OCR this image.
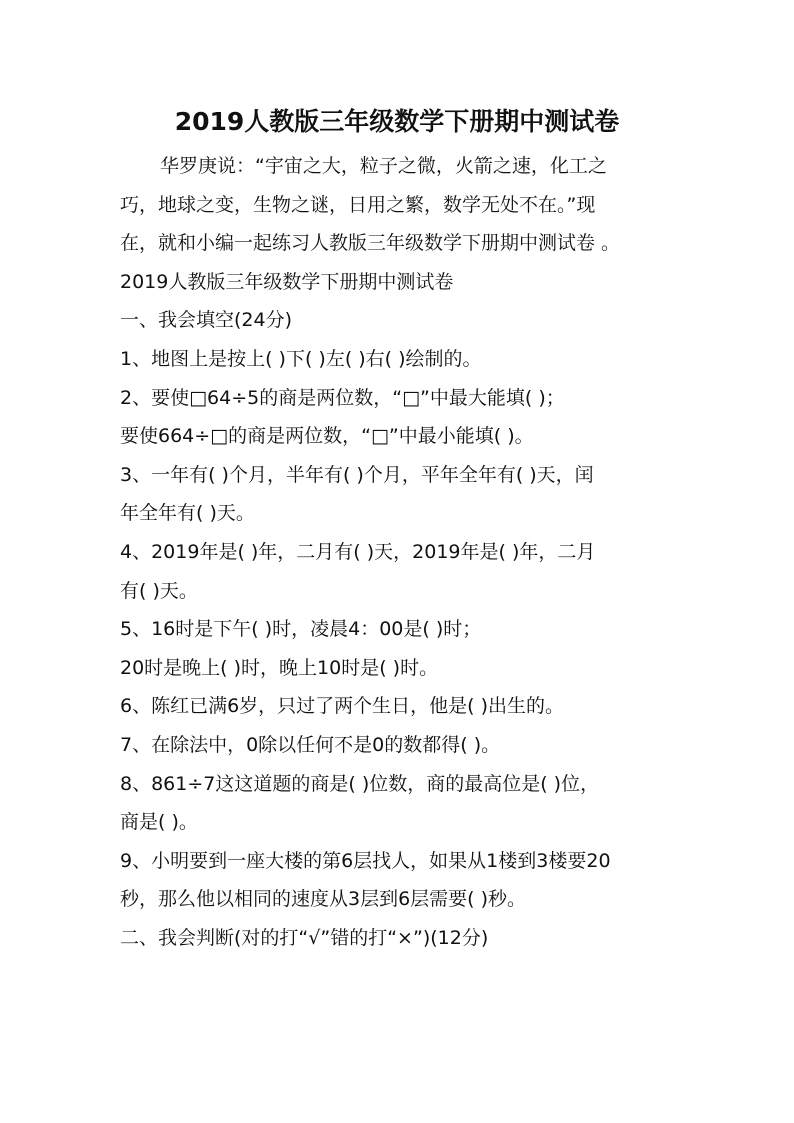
2019人教版三年级数学下册期中测试卷
华罗庚说：“宇宙之大，粒子之微，火箭之速，化工之
巧，地球之变，生物之谜，日用之繁，数学无处不在。”现
在，就和小编一起练习人教版三年级数学下册期中测试卷 。
2019人教版三年级数学下册期中测试卷
一、我会填空(24分)
1、地图上是按上( )下( )左( )右( )绘制的。
2、要使□64÷5的商是两位数，“□”中最大能填( )；
要使664÷□的商是两位数，“□”中最小能填( )。
3、一年有( )个月，半年有( )个月，平年全年有( )天，闰
年全年有( )天。
4、2019年是( )年，二月有( )天，2019年是( )年，二月
有( )天。
5、16时是下午( )时，凌晨4：00是( )时；
20时是晚上( )时，晚上10时是( )时。
6、陈红已满6岁，只过了两个生日，他是( )出生的。
7、在除法中，0除以任何不是0的数都得( )。
8、861÷7这这道题的商是( )位数，商的最高位是( )位，
商是( )。
9、小明要到一座大楼的第6层找人，如果从1楼到3楼要20
秒，那么他以相同的速度从3层到6层需要( )秒。
二、我会判断(对的打“√”错的打“×”)(12分)
